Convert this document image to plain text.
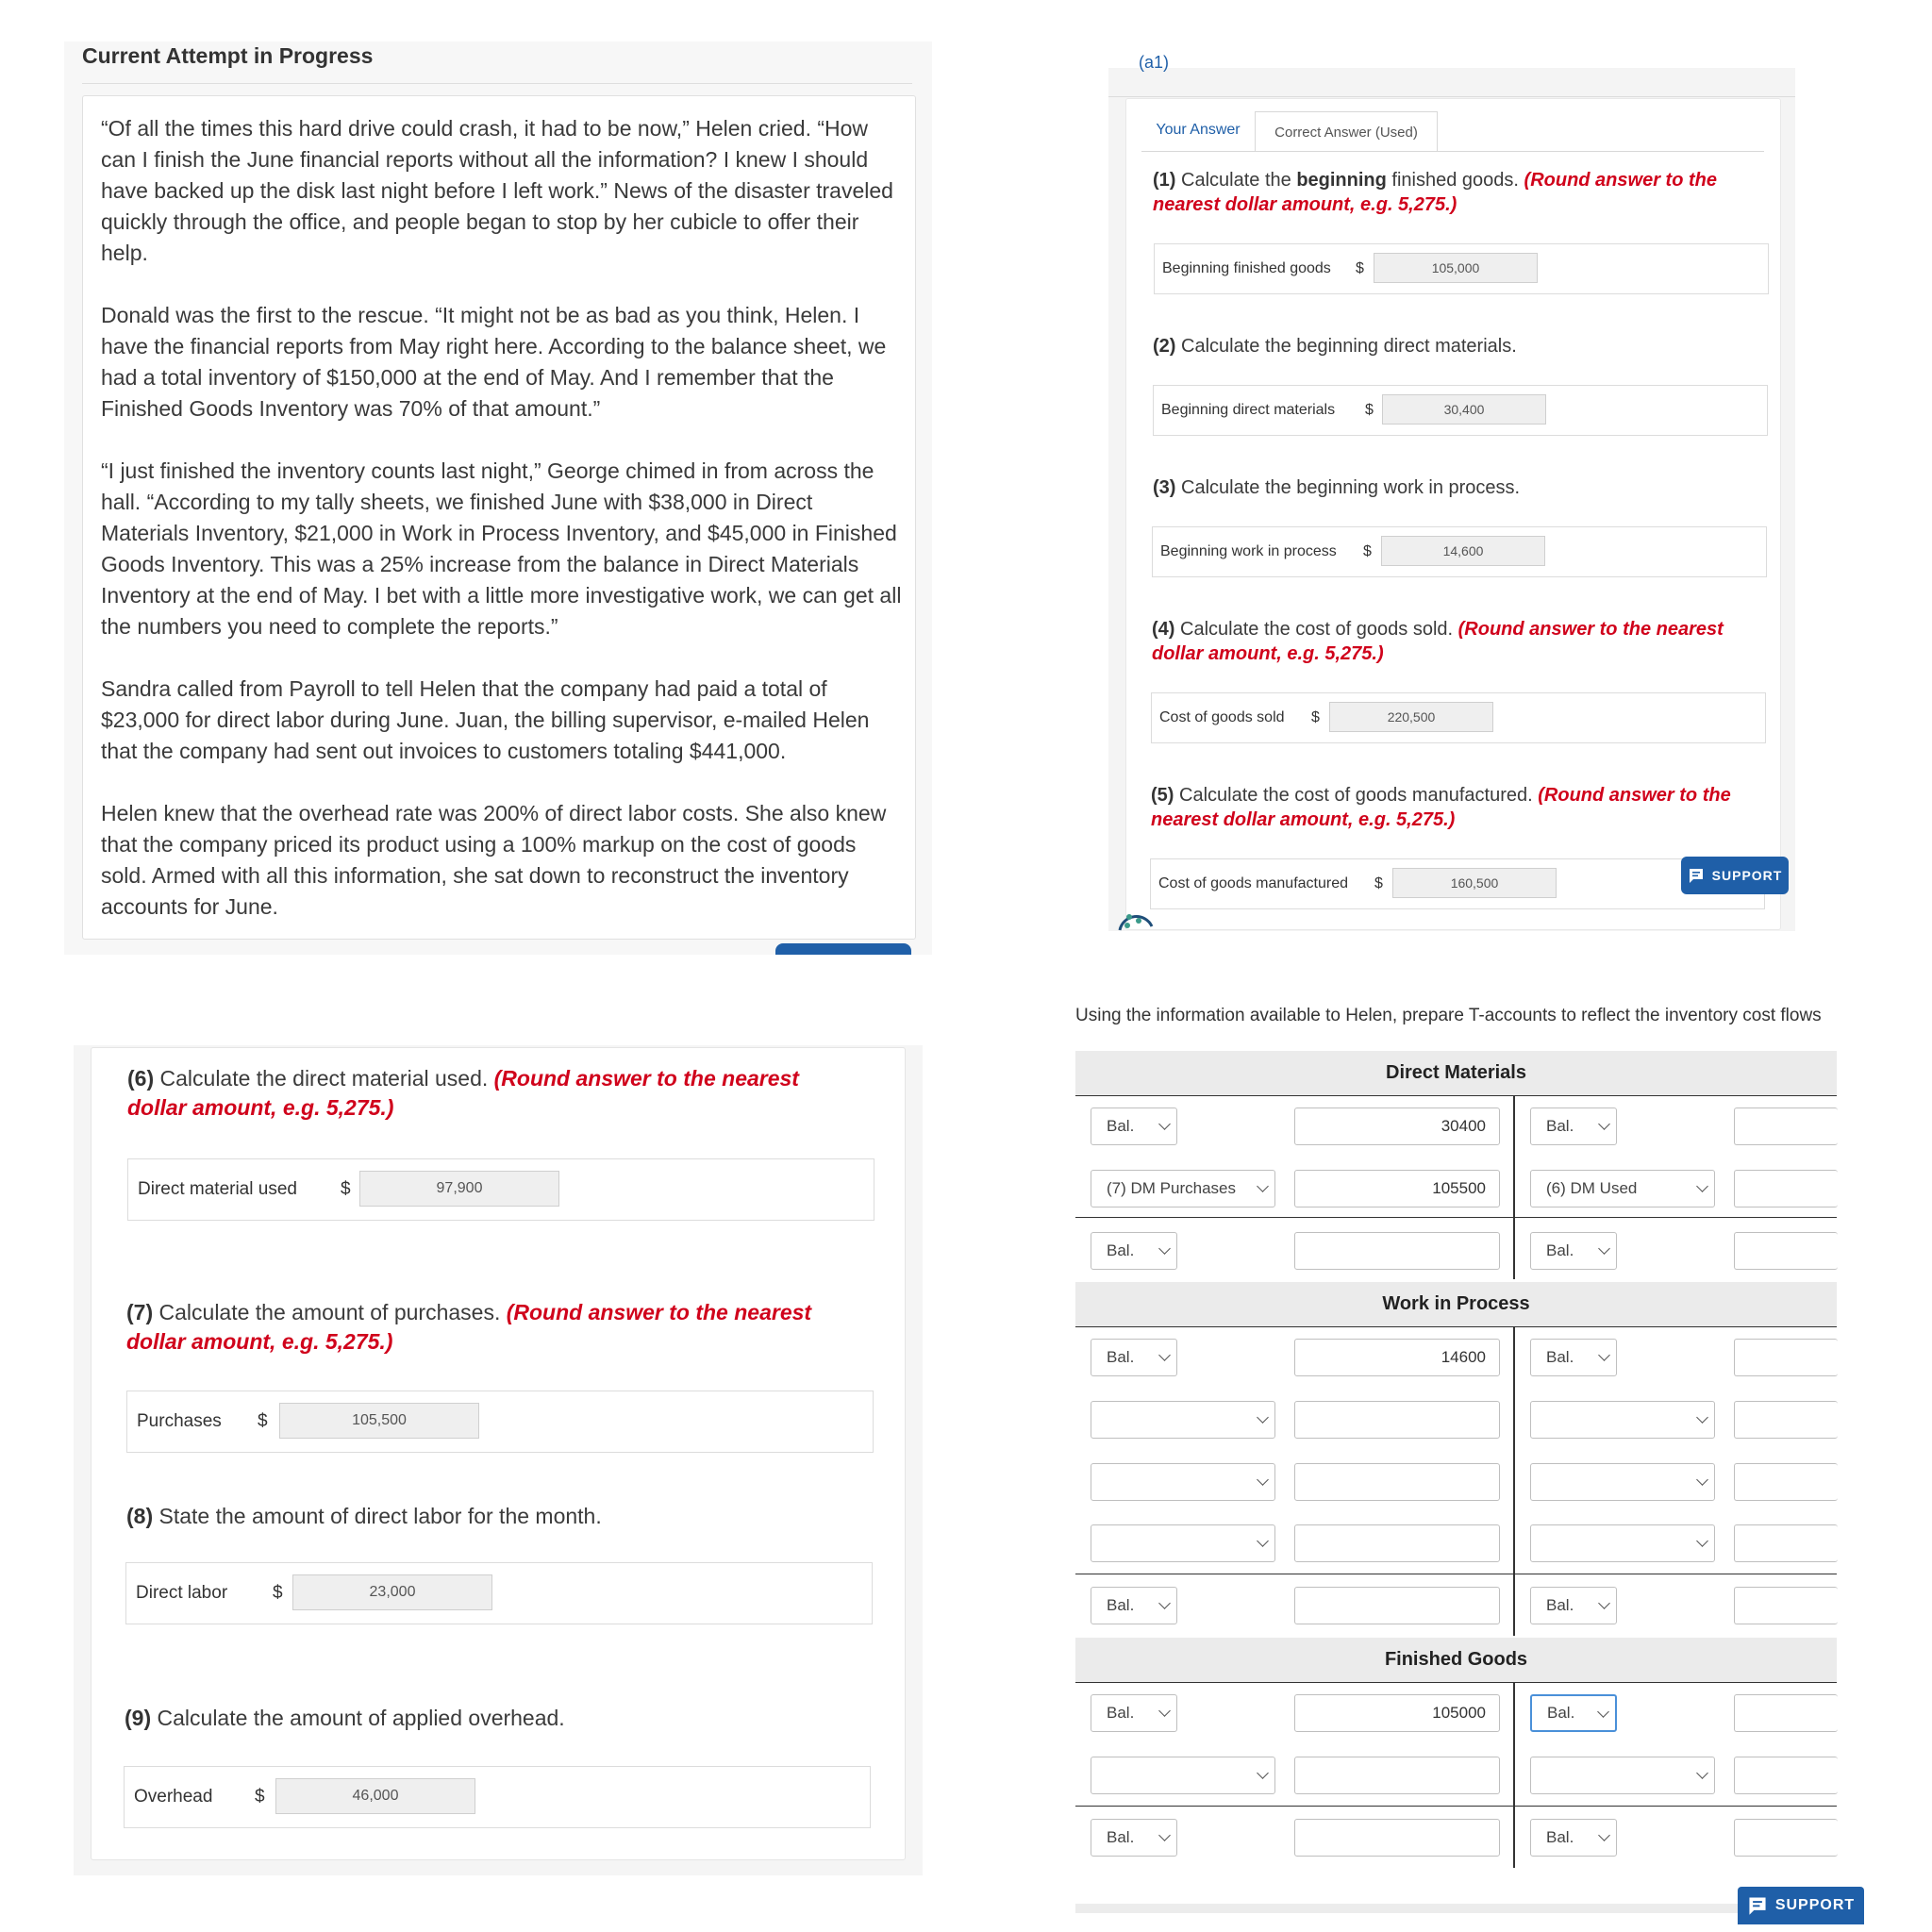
Current Attempt in Progress

“Of all the times this hard drive could crash, it had to be now,” Helen cried. “How can I finish the June financial reports without all the information? I knew I should have backed up the disk last night before I left work.” News of the disaster traveled quickly through the office, and people began to stop by her cubicle to offer their help.

Donald was the first to the rescue. “It might not be as bad as you think, Helen. I have the financial reports from May right here. According to the balance sheet, we had a total inventory of $150,000 at the end of May. And I remember that the Finished Goods Inventory was 70% of that amount.”

“I just finished the inventory counts last night,” George chimed in from across the hall. “According to my tally sheets, we finished June with $38,000 in Direct Materials Inventory, $21,000 in Work in Process Inventory, and $45,000 in Finished Goods Inventory. This was a 25% increase from the balance in Direct Materials Inventory at the end of May. I bet with a little more investigative work, we can get all the numbers you need to complete the reports.”

Sandra called from Payroll to tell Helen that the company had paid a total of $23,000 for direct labor during June. Juan, the billing supervisor, e-mailed Helen that the company had sent out invoices to customers totaling $441,000.

Helen knew that the overhead rate was 200% of direct labor costs. She also knew that the company priced its product using a 100% markup on the cost of goods sold. Armed with all this information, she sat down to reconstruct the inventory accounts for June.

(a1)
Your Answer	Correct Answer (Used)
(1) Calculate the beginning finished goods. (Round answer to the nearest dollar amount, e.g. 5,275.)
Beginning finished goods $	105,000
(2) Calculate the beginning direct materials.
Beginning direct materials $	30,400
(3) Calculate the beginning work in process.
Beginning work in process $	14,600
(4) Calculate the cost of goods sold. (Round answer to the nearest dollar amount, e.g. 5,275.)
Cost of goods sold $	220,500
(5) Calculate the cost of goods manufactured. (Round answer to the nearest dollar amount, e.g. 5,275.)
Cost of goods manufactured $	160,500	SUPPORT
(6) Calculate the direct material used. (Round answer to the nearest dollar amount, e.g. 5,275.)
Direct material used $	97,900
(7) Calculate the amount of purchases. (Round answer to the nearest dollar amount, e.g. 5,275.)
Purchases $	105,500
(8) State the amount of direct labor for the month.
Direct labor	$	23,000
(9) Calculate the amount of applied overhead.
Overhead $	46,000
Using the information available to Helen, prepare T-accounts to reflect the inventory cost flows
Direct Materials
Bal.	30400	Bal.
(7) DM Purchases	105500	(6) DM Used
Bal.	Bal.
Work in Process
Bal.	14600	Bal.
Bal.	Bal.
Finished Goods
Bal.	105000	Bal.
Bal.	Bal.
SUPPORT
